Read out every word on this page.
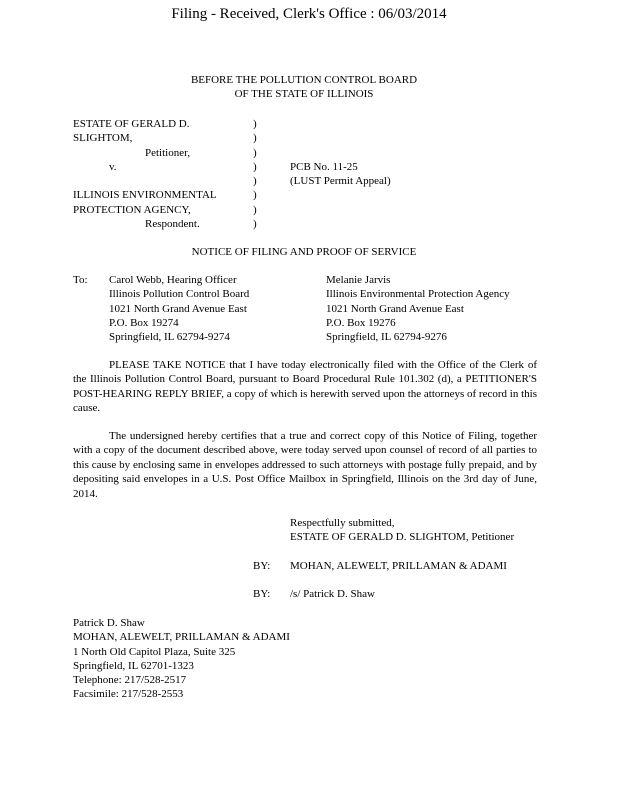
Filing - Received, Clerk's Office : 06/03/2014
BEFORE THE POLLUTION CONTROL BOARD
OF THE STATE OF ILLINOIS
ESTATE OF GERALD D.
SLIGHTOM,
Petitioner,
v.
ILLINOIS ENVIRONMENTAL
PROTECTION AGENCY,
Respondent.
)
)
)
)
)
)
)
)
PCB No. 11-25
(LUST Permit Appeal)
NOTICE OF FILING AND PROOF OF SERVICE
To: Carol Webb, Hearing Officer
Illinois Pollution Control Board
1021 North Grand Avenue East
P.O. Box 19274
Springfield, IL 62794-9274
Melanie Jarvis
Illinois Environmental Protection Agency
1021 North Grand Avenue East
P.O. Box 19276
Springfield, IL 62794-9276
PLEASE TAKE NOTICE that I have today electronically filed with the Office of the Clerk of the Illinois Pollution Control Board, pursuant to Board Procedural Rule 101.302 (d), a PETITIONER'S POST-HEARING REPLY BRIEF, a copy of which is herewith served upon the attorneys of record in this cause.
The undersigned hereby certifies that a true and correct copy of this Notice of Filing, together with a copy of the document described above, were today served upon counsel of record of all parties to this cause by enclosing same in envelopes addressed to such attorneys with postage fully prepaid, and by depositing said envelopes in a U.S. Post Office Mailbox in Springfield, Illinois on the 3rd day of June, 2014.
Respectfully submitted,
ESTATE OF GERALD D. SLIGHTOM, Petitioner
BY: MOHAN, ALEWELT, PRILLAMAN & ADAMI
BY: /s/ Patrick D. Shaw
Patrick D. Shaw
MOHAN, ALEWELT, PRILLAMAN & ADAMI
1 North Old Capitol Plaza, Suite 325
Springfield, IL 62701-1323
Telephone: 217/528-2517
Facsimile: 217/528-2553
